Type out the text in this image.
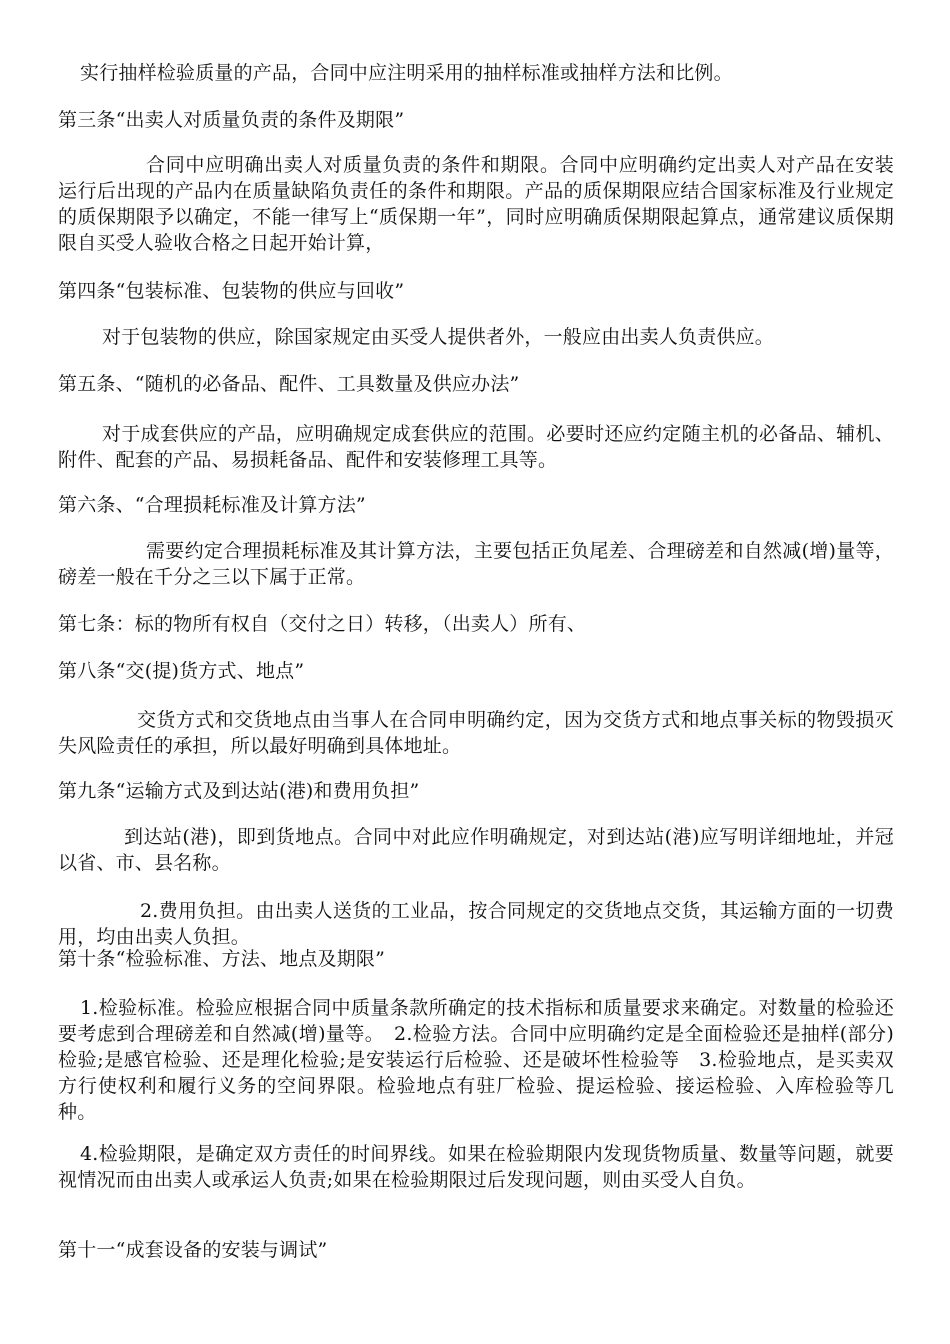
实行抽样检验质量的产品，合同中应注明采用的抽样标准或抽样方法和比例。

第三条“出卖人对质量负责的条件及期限”

合同中应明确出卖人对质量负责的条件和期限。合同中应明确约定出卖人对产品在安装运行后出现的产品内在质量缺陷负责任的条件和期限。产品的质保期限应结合国家标准及行业规定的质保期限予以确定，不能一律写上“质保期一年”，同时应明确质保期限起算点，通常建议质保期限自买受人验收合格之日起开始计算，

第四条“包装标准、包装物的供应与回收”

对于包装物的供应，除国家规定由买受人提供者外，一般应由出卖人负责供应。

第五条、“随机的必备品、配件、工具数量及供应办法”

对于成套供应的产品，应明确规定成套供应的范围。必要时还应约定随主机的必备品、辅机、附件、配套的产品、易损耗备品、配件和安装修理工具等。

第六条、“合理损耗标准及计算方法”

需要约定合理损耗标准及其计算方法，主要包括正负尾差、合理磅差和自然减(增)量等，磅差一般在千分之三以下属于正常。

第七条：标的物所有权自（交付之日）转移，（出卖人）所有、

第八条“交(提)货方式、地点”

交货方式和交货地点由当事人在合同申明确约定，因为交货方式和地点事关标的物毁损灭失风险责任的承担，所以最好明确到具体地址。

第九条“运输方式及到达站(港)和费用负担”

到达站(港)，即到货地点。合同中对此应作明确规定，对到达站(港)应写明详细地址，并冠以省、市、县名称。

2.费用负担。由出卖人送货的工业品，按合同规定的交货地点交货，其运输方面的一切费用，均由出卖人负担。

第十条“检验标准、方法、地点及期限”

1.检验标准。检验应根据合同中质量条款所确定的技术指标和质量要求来确定。对数量的检验还要考虑到合理磅差和自然减(增)量等。　2.检验方法。合同中应明确约定是全面检验还是抽样(部分)检验;是感官检验、还是理化检验;是安装运行后检验、还是破坏性检验等　3.检验地点，是买卖双方行使权利和履行义务的空间界限。检验地点有驻厂检验、提运检验、接运检验、入库检验等几种。

4.检验期限，是确定双方责任的时间界线。如果在检验期限内发现货物质量、数量等问题，就要视情况而由出卖人或承运人负责;如果在检验期限过后发现问题，则由买受人自负。

第十一“成套设备的安装与调试”
